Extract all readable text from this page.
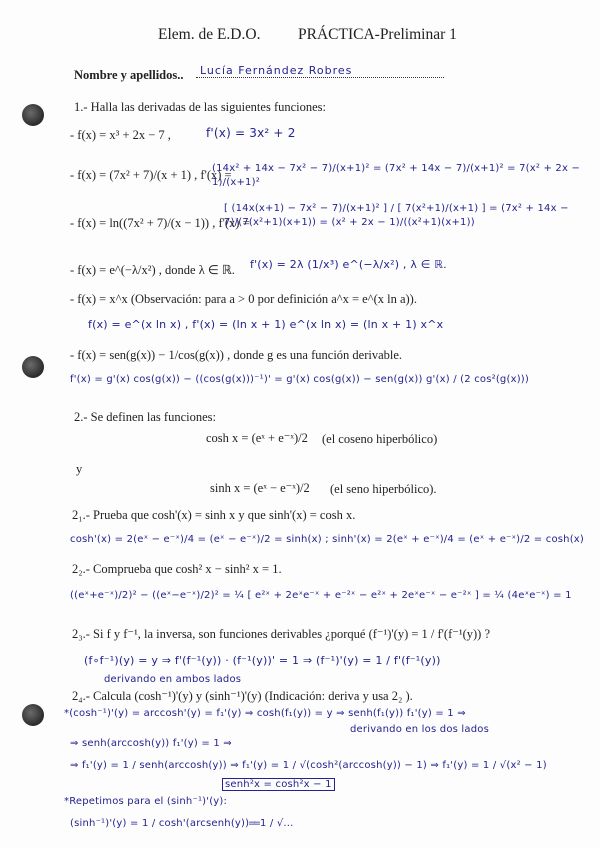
Elem. de E.D.O. PRÁCTICA-Preliminar 1
Nombre y apellidos.. Lucía Fernández Robres
1.- Halla las derivadas de las siguientes funciones:
- f(x) = x³ + 2x − 7 ,	f'(x) = 3x² + 2
- f(x) = (7x² + 7)/(x + 1) , f'(x) =
(14x² + 14x − 7x² − 7)/(x+1)² = (7x² + 14x − 7)/(x+1)² = 7(x² + 2x − 1)/(x+1)²
- f(x) = ln((7x² + 7)/(x − 1)) , f'(x) =
[ (14x(x+1) − 7x² − 7)/(x+1)² ] / [ 7(x²+1)/(x+1) ] = (7x² + 14x − 7)/(7(x²+1)(x+1)) = (x² + 2x − 1)/((x²+1)(x+1))
- f(x) = e^(−λ/x²) , donde λ ∈ ℝ. f'(x) = 2λ (1/x³) e^(−λ/x²) , λ ∈ ℝ.
- f(x) = x^x (Observación: para a > 0 por definición a^x = e^(x ln a)).
f(x) = e^(x ln x) , f'(x) = (ln x + 1) e^(x ln x) = (ln x + 1) x^x
- f(x) = sen(g(x)) − 1/cos(g(x)) , donde g es una función derivable.
f'(x) = g'(x) cos(g(x)) − ((cos(g(x)))⁻¹)' = g'(x) cos(g(x)) − sen(g(x)) g'(x) / (2 cos²(g(x)))
2.- Se definen las funciones:
cosh x = (eˣ + e⁻ˣ)/2 (el coseno hiperbólico)
y
sinh x = (eˣ − e⁻ˣ)/2 (el seno hiperbólico).
2₁.- Prueba que cosh'(x) = sinh x y que sinh'(x) = cosh x.
cosh'(x) = 2(eˣ − e⁻ˣ)/4 = (eˣ − e⁻ˣ)/2 = sinh(x) ; sinh'(x) = 2(eˣ + e⁻ˣ)/4 = (eˣ + e⁻ˣ)/2 = cosh(x)
2₂.- Comprueba que cosh² x − sinh² x = 1.
((eˣ+e⁻ˣ)/2)² − ((eˣ−e⁻ˣ)/2)² = ¼ [ e²ˣ + 2eˣe⁻ˣ + e⁻²ˣ − e²ˣ + 2eˣe⁻ˣ − e⁻²ˣ ] = ¼ (4eˣe⁻ˣ) = 1
2₃.- Si f y f⁻¹, la inversa, son funciones derivables ¿porqué (f⁻¹)'(y) = 1 / f'(f⁻¹(y)) ?
(f∘f⁻¹)(y) = y ⇒ f'(f⁻¹(y)) · (f⁻¹(y))' = 1 ⇒ (f⁻¹)'(y) = 1 / f'(f⁻¹(y))
derivando en ambos lados
2₄.- Calcula (cosh⁻¹)'(y) y (sinh⁻¹)'(y) (Indicación: deriva y usa 2₂ ).
*(cosh⁻¹)'(y) = arccosh'(y) = f₁'(y) ⇒ cosh(f₁(y)) = y ⇒ senh(f₁(y)) f₁'(y) = 1 ⇒
derivando en los dos lados
⇒ senh(arccosh(y)) f₁'(y) = 1 ⇒
⇒ f₁'(y) = 1 / senh(arccosh(y)) ⇒ f₁'(y) = 1 / √(cosh²(arccosh(y)) − 1) ⇒ f₁'(y) = 1 / √(x² − 1)
senh²x = cosh²x − 1
*Repetimos para el (sinh⁻¹)'(y):
(sinh⁻¹)'(y) = 1 / cosh'(arcsenh(y)) =
= 1 / √...
